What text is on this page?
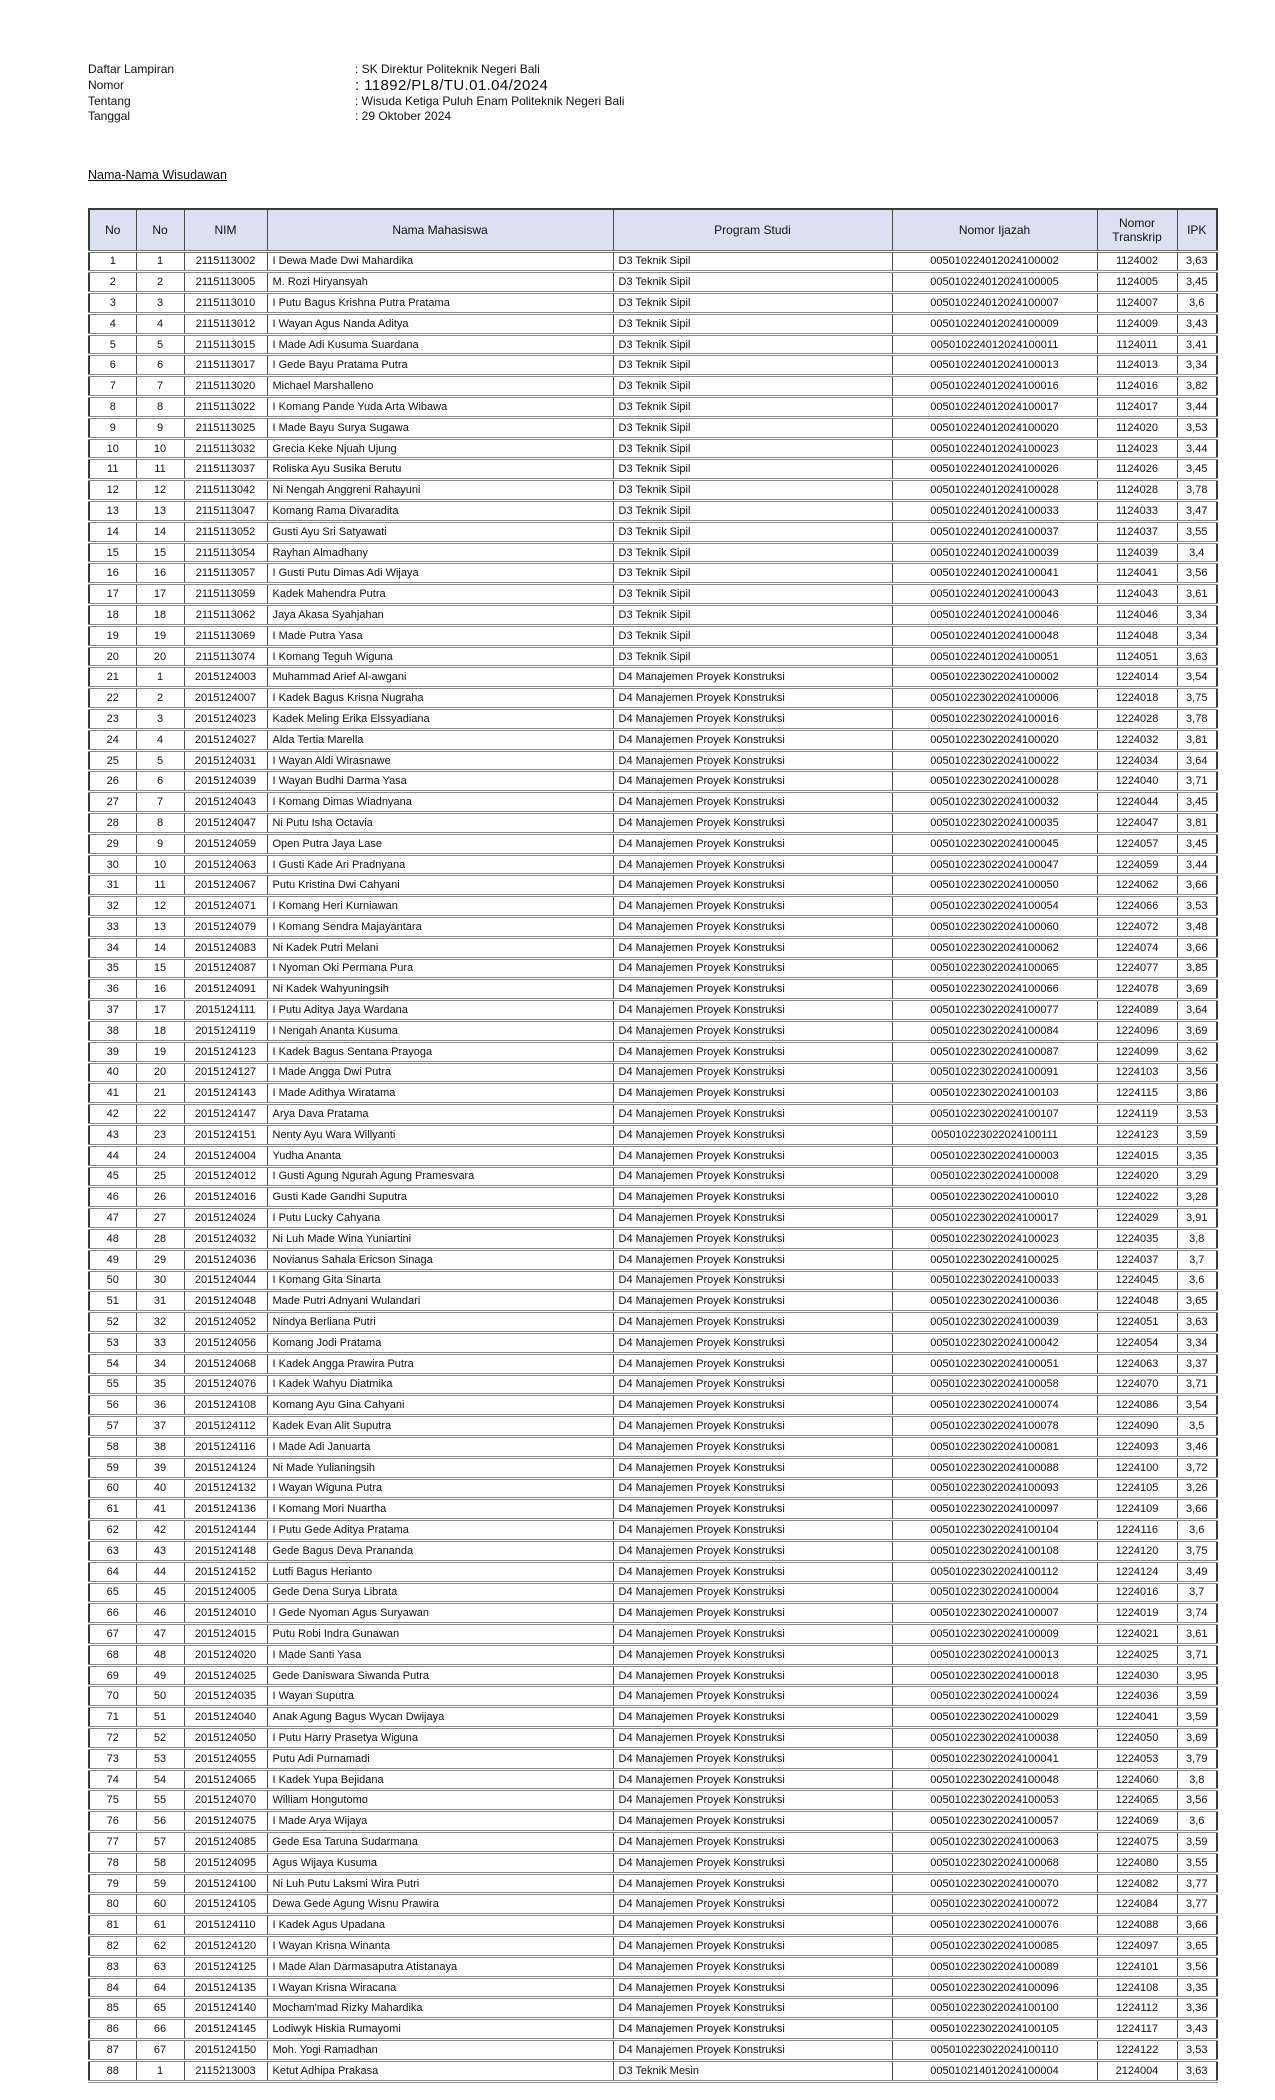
Daftar Lampiran	: SK Direktur Politeknik Negeri Bali
Nomor	: 11892/PL8/TU.01.04/2024
Tentang	: Wisuda Ketiga Puluh Enam Politeknik Negeri Bali
Tanggal	: 29 Oktober 2024
Nama-Nama Wisudawan
No	No	NIM	Nama Mahasiswa	Program Studi	Nomor Ijazah	Nomor Transkrip	IPK
1	1	2115113002	I Dewa Made Dwi Mahardika	D3 Teknik Sipil	005010224012024100002	1124002	3,63
2	2	2115113005	M. Rozi Hiryansyah	D3 Teknik Sipil	005010224012024100005	1124005	3,45
3	3	2115113010	I Putu Bagus Krishna Putra Pratama	D3 Teknik Sipil	005010224012024100007	1124007	3,6
4	4	2115113012	I Wayan Agus Nanda Aditya	D3 Teknik Sipil	005010224012024100009	1124009	3,43
5	5	2115113015	I Made Adi Kusuma Suardana	D3 Teknik Sipil	005010224012024100011	1124011	3,41
6	6	2115113017	I Gede Bayu Pratama Putra	D3 Teknik Sipil	005010224012024100013	1124013	3,34
7	7	2115113020	Michael Marshalleno	D3 Teknik Sipil	005010224012024100016	1124016	3,82
8	8	2115113022	I Komang Pande Yuda Arta Wibawa	D3 Teknik Sipil	005010224012024100017	1124017	3,44
9	9	2115113025	I Made Bayu Surya Sugawa	D3 Teknik Sipil	005010224012024100020	1124020	3,53
10	10	2115113032	Grecia Keke Njuah Ujung	D3 Teknik Sipil	005010224012024100023	1124023	3,44
11	11	2115113037	Roliska Ayu Susika Berutu	D3 Teknik Sipil	005010224012024100026	1124026	3,45
12	12	2115113042	Ni Nengah Anggreni Rahayuni	D3 Teknik Sipil	005010224012024100028	1124028	3,78
13	13	2115113047	Komang Rama Divaradita	D3 Teknik Sipil	005010224012024100033	1124033	3,47
14	14	2115113052	Gusti Ayu Sri Satyawati	D3 Teknik Sipil	005010224012024100037	1124037	3,55
15	15	2115113054	Rayhan Almadhany	D3 Teknik Sipil	005010224012024100039	1124039	3,4
16	16	2115113057	I Gusti Putu Dimas Adi Wijaya	D3 Teknik Sipil	005010224012024100041	1124041	3,56
17	17	2115113059	Kadek Mahendra Putra	D3 Teknik Sipil	005010224012024100043	1124043	3,61
18	18	2115113062	Jaya Akasa Syahjahan	D3 Teknik Sipil	005010224012024100046	1124046	3,34
19	19	2115113069	I Made Putra Yasa	D3 Teknik Sipil	005010224012024100048	1124048	3,34
20	20	2115113074	I Komang Teguh Wiguna	D3 Teknik Sipil	005010224012024100051	1124051	3,63
21	1	2015124003	Muhammad Arief Al-awgani	D4 Manajemen Proyek Konstruksi	005010223022024100002	1224014	3,54
22	2	2015124007	I Kadek Bagus Krisna Nugraha	D4 Manajemen Proyek Konstruksi	005010223022024100006	1224018	3,75
23	3	2015124023	Kadek Meling Erika Elssyadiana	D4 Manajemen Proyek Konstruksi	005010223022024100016	1224028	3,78
24	4	2015124027	Alda Tertia Marella	D4 Manajemen Proyek Konstruksi	005010223022024100020	1224032	3,81
25	5	2015124031	I Wayan Aldi Wirasnawe	D4 Manajemen Proyek Konstruksi	005010223022024100022	1224034	3,64
26	6	2015124039	I Wayan Budhi Darma Yasa	D4 Manajemen Proyek Konstruksi	005010223022024100028	1224040	3,71
27	7	2015124043	I Komang Dimas Wiadnyana	D4 Manajemen Proyek Konstruksi	005010223022024100032	1224044	3,45
28	8	2015124047	Ni Putu Isha Octavia	D4 Manajemen Proyek Konstruksi	005010223022024100035	1224047	3,81
29	9	2015124059	Open Putra Jaya Lase	D4 Manajemen Proyek Konstruksi	005010223022024100045	1224057	3,45
30	10	2015124063	I Gusti Kade Ari Pradnyana	D4 Manajemen Proyek Konstruksi	005010223022024100047	1224059	3,44
31	11	2015124067	Putu Kristina Dwi Cahyani	D4 Manajemen Proyek Konstruksi	005010223022024100050	1224062	3,66
32	12	2015124071	I Komang Heri Kurniawan	D4 Manajemen Proyek Konstruksi	005010223022024100054	1224066	3,53
33	13	2015124079	I Komang Sendra Majayantara	D4 Manajemen Proyek Konstruksi	005010223022024100060	1224072	3,48
34	14	2015124083	Ni Kadek Putri Melani	D4 Manajemen Proyek Konstruksi	005010223022024100062	1224074	3,66
35	15	2015124087	I Nyoman Oki Permana Pura	D4 Manajemen Proyek Konstruksi	005010223022024100065	1224077	3,85
36	16	2015124091	Ni Kadek Wahyuningsih	D4 Manajemen Proyek Konstruksi	005010223022024100066	1224078	3,69
37	17	2015124111	I Putu Aditya Jaya Wardana	D4 Manajemen Proyek Konstruksi	005010223022024100077	1224089	3,64
38	18	2015124119	I Nengah Ananta Kusuma	D4 Manajemen Proyek Konstruksi	005010223022024100084	1224096	3,69
39	19	2015124123	I Kadek Bagus Sentana Prayoga	D4 Manajemen Proyek Konstruksi	005010223022024100087	1224099	3,62
40	20	2015124127	I Made Angga Dwi Putra	D4 Manajemen Proyek Konstruksi	005010223022024100091	1224103	3,56
41	21	2015124143	I Made Adithya Wiratama	D4 Manajemen Proyek Konstruksi	005010223022024100103	1224115	3,86
42	22	2015124147	Arya Dava Pratama	D4 Manajemen Proyek Konstruksi	005010223022024100107	1224119	3,53
43	23	2015124151	Nenty Ayu Wara Willyanti	D4 Manajemen Proyek Konstruksi	005010223022024100111	1224123	3,59
44	24	2015124004	Yudha Ananta	D4 Manajemen Proyek Konstruksi	005010223022024100003	1224015	3,35
45	25	2015124012	I Gusti Agung Ngurah Agung Pramesvara	D4 Manajemen Proyek Konstruksi	005010223022024100008	1224020	3,29
46	26	2015124016	Gusti Kade Gandhi Suputra	D4 Manajemen Proyek Konstruksi	005010223022024100010	1224022	3,28
47	27	2015124024	I Putu Lucky Cahyana	D4 Manajemen Proyek Konstruksi	005010223022024100017	1224029	3,91
48	28	2015124032	Ni Luh Made Wina Yuniartini	D4 Manajemen Proyek Konstruksi	005010223022024100023	1224035	3,8
49	29	2015124036	Novianus Sahala Ericson Sinaga	D4 Manajemen Proyek Konstruksi	005010223022024100025	1224037	3,7
50	30	2015124044	I Komang Gita Sinarta	D4 Manajemen Proyek Konstruksi	005010223022024100033	1224045	3,6
51	31	2015124048	Made Putri Adnyani Wulandari	D4 Manajemen Proyek Konstruksi	005010223022024100036	1224048	3,65
52	32	2015124052	Nindya Berliana Putri	D4 Manajemen Proyek Konstruksi	005010223022024100039	1224051	3,63
53	33	2015124056	Komang Jodi Pratama	D4 Manajemen Proyek Konstruksi	005010223022024100042	1224054	3,34
54	34	2015124068	I Kadek Angga Prawira Putra	D4 Manajemen Proyek Konstruksi	005010223022024100051	1224063	3,37
55	35	2015124076	I Kadek Wahyu Diatmika	D4 Manajemen Proyek Konstruksi	005010223022024100058	1224070	3,71
56	36	2015124108	Komang Ayu Gina Cahyani	D4 Manajemen Proyek Konstruksi	005010223022024100074	1224086	3,54
57	37	2015124112	Kadek Evan Alit Suputra	D4 Manajemen Proyek Konstruksi	005010223022024100078	1224090	3,5
58	38	2015124116	I Made Adi Januarta	D4 Manajemen Proyek Konstruksi	005010223022024100081	1224093	3,46
59	39	2015124124	Ni Made Yulianingsih	D4 Manajemen Proyek Konstruksi	005010223022024100088	1224100	3,72
60	40	2015124132	I Wayan Wiguna Putra	D4 Manajemen Proyek Konstruksi	005010223022024100093	1224105	3,26
61	41	2015124136	I Komang Mori Nuartha	D4 Manajemen Proyek Konstruksi	005010223022024100097	1224109	3,66
62	42	2015124144	I Putu Gede Aditya Pratama	D4 Manajemen Proyek Konstruksi	005010223022024100104	1224116	3,6
63	43	2015124148	Gede Bagus Deva Prananda	D4 Manajemen Proyek Konstruksi	005010223022024100108	1224120	3,75
64	44	2015124152	Lutfi Bagus Herianto	D4 Manajemen Proyek Konstruksi	005010223022024100112	1224124	3,49
65	45	2015124005	Gede Dena Surya Librata	D4 Manajemen Proyek Konstruksi	005010223022024100004	1224016	3,7
66	46	2015124010	I Gede Nyoman Agus Suryawan	D4 Manajemen Proyek Konstruksi	005010223022024100007	1224019	3,74
67	47	2015124015	Putu Robi Indra Gunawan	D4 Manajemen Proyek Konstruksi	005010223022024100009	1224021	3,61
68	48	2015124020	I Made Santi Yasa	D4 Manajemen Proyek Konstruksi	005010223022024100013	1224025	3,71
69	49	2015124025	Gede Daniswara Siwanda Putra	D4 Manajemen Proyek Konstruksi	005010223022024100018	1224030	3,95
70	50	2015124035	I Wayan Suputra	D4 Manajemen Proyek Konstruksi	005010223022024100024	1224036	3,59
71	51	2015124040	Anak Agung Bagus Wycan Dwijaya	D4 Manajemen Proyek Konstruksi	005010223022024100029	1224041	3,59
72	52	2015124050	I Putu Harry Prasetya Wiguna	D4 Manajemen Proyek Konstruksi	005010223022024100038	1224050	3,69
73	53	2015124055	Putu Adi Purnamadi	D4 Manajemen Proyek Konstruksi	005010223022024100041	1224053	3,79
74	54	2015124065	I Kadek Yupa Bejidana	D4 Manajemen Proyek Konstruksi	005010223022024100048	1224060	3,8
75	55	2015124070	William Hongutomo	D4 Manajemen Proyek Konstruksi	005010223022024100053	1224065	3,56
76	56	2015124075	I Made Arya Wijaya	D4 Manajemen Proyek Konstruksi	005010223022024100057	1224069	3,6
77	57	2015124085	Gede Esa Taruna Sudarmana	D4 Manajemen Proyek Konstruksi	005010223022024100063	1224075	3,59
78	58	2015124095	Agus Wijaya Kusuma	D4 Manajemen Proyek Konstruksi	005010223022024100068	1224080	3,55
79	59	2015124100	Ni Luh Putu Laksmi Wira Putri	D4 Manajemen Proyek Konstruksi	005010223022024100070	1224082	3,77
80	60	2015124105	Dewa Gede Agung Wisnu Prawira	D4 Manajemen Proyek Konstruksi	005010223022024100072	1224084	3,77
81	61	2015124110	I Kadek Agus Upadana	D4 Manajemen Proyek Konstruksi	005010223022024100076	1224088	3,66
82	62	2015124120	I Wayan Krisna Winanta	D4 Manajemen Proyek Konstruksi	005010223022024100085	1224097	3,65
83	63	2015124125	I Made Alan Darmasaputra Atistanaya	D4 Manajemen Proyek Konstruksi	005010223022024100089	1224101	3,56
84	64	2015124135	I Wayan Krisna Wiracana	D4 Manajemen Proyek Konstruksi	005010223022024100096	1224108	3,35
85	65	2015124140	Mocham'mad Rizky Mahardika	D4 Manajemen Proyek Konstruksi	005010223022024100100	1224112	3,36
86	66	2015124145	Lodiwyk Hiskia Rumayomi	D4 Manajemen Proyek Konstruksi	005010223022024100105	1224117	3,43
87	67	2015124150	Moh. Yogi Ramadhan	D4 Manajemen Proyek Konstruksi	005010223022024100110	1224122	3,53
88	1	2115213003	Ketut Adhipa Prakasa	D3 Teknik Mesin	005010214012024100004	2124004	3,63
